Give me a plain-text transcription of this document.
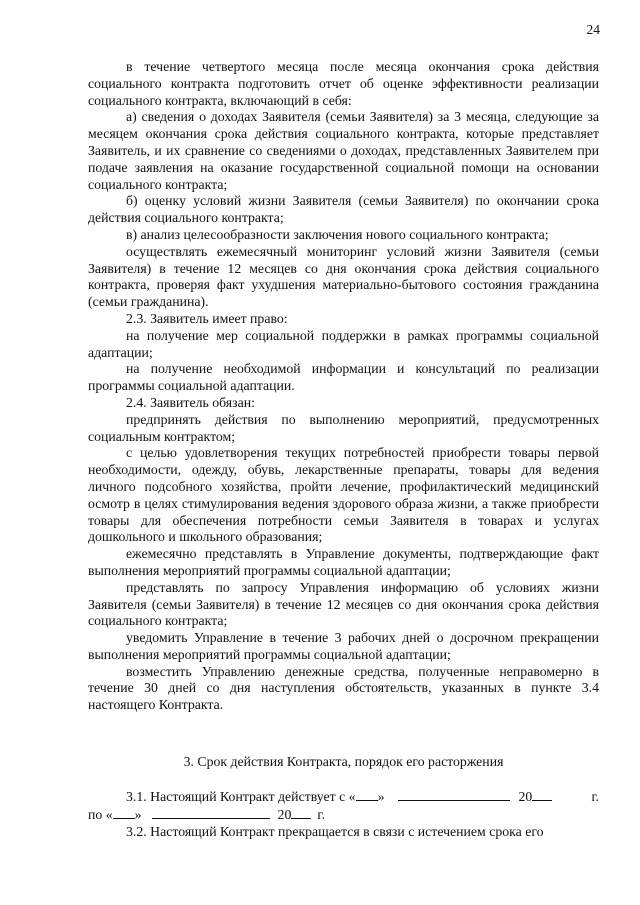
24

в течение четвертого месяца после месяца окончания срока действия социального контракта подготовить отчет об оценке эффективности реализации социального контракта, включающий в себя:

а) сведения о доходах Заявителя (семьи Заявителя) за 3 месяца, следующие за месяцем окончания срока действия социального контракта, которые представляет Заявитель, и их сравнение со сведениями о доходах, представленных Заявителем при подаче заявления на оказание государственной социальной помощи на основании социального контракта;

б) оценку условий жизни Заявителя (семьи Заявителя) по окончании срока действия социального контракта;

в) анализ целесообразности заключения нового социального контракта;

осуществлять ежемесячный мониторинг условий жизни Заявителя (семьи Заявителя) в течение 12 месяцев со дня окончания срока действия социального контракта, проверяя факт ухудшения материально-бытового состояния гражданина (семьи гражданина).

2.3. Заявитель имеет право:

на получение мер социальной поддержки в рамках программы социальной адаптации;

на получение необходимой информации и консультаций по реализации программы социальной адаптации.

2.4. Заявитель обязан:

предпринять действия по выполнению мероприятий, предусмотренных социальным контрактом;

с целью удовлетворения текущих потребностей приобрести товары первой необходимости, одежду, обувь, лекарственные препараты, товары для ведения личного подсобного хозяйства, пройти лечение, профилактический медицинский осмотр в целях стимулирования ведения здорового образа жизни, а также приобрести товары для обеспечения потребности семьи Заявителя в товарах и услугах дошкольного и школьного образования;

ежемесячно представлять в Управление документы, подтверждающие факт выполнения мероприятий программы социальной адаптации;

представлять по запросу Управления информацию об условиях жизни Заявителя (семьи Заявителя) в течение 12 месяцев со дня окончания срока действия социального контракта;

уведомить Управление в течение 3 рабочих дней о досрочном прекращении выполнения мероприятий программы социальной адаптации;

возместить Управлению денежные средства, полученные неправомерно в течение 30 дней со дня наступления обстоятельств, указанных в пункте 3.4 настоящего Контракта.

3. Срок действия Контракта, порядок его расторжения
3.1. Настоящий Контракт действует с « »	20	г.
по « »	20 г.

3.2. Настоящий Контракт прекращается в связи с истечением срока его
